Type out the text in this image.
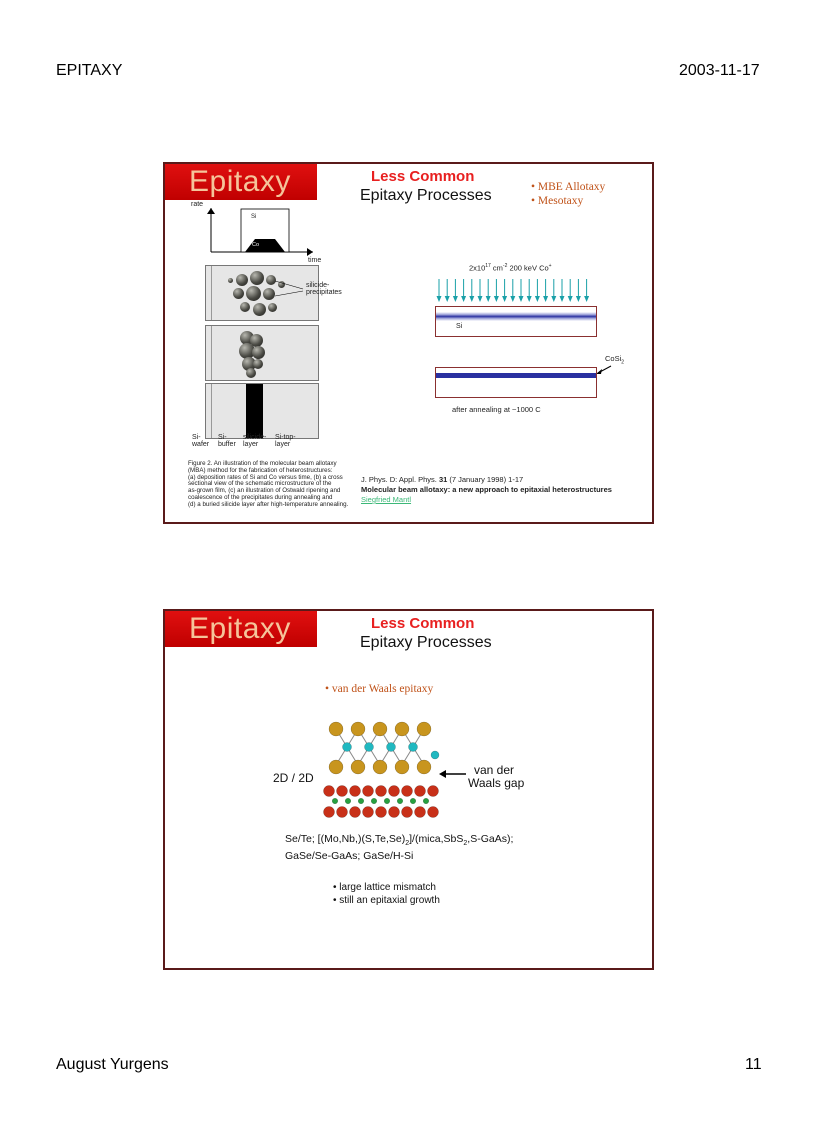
EPITAXY	2003-11-17
August Yurgens	11
Epitaxy	Less Common
Epitaxy Processes	• MBE Allotaxy
• Mesotaxy
rate
Si
Co
time
silicide-
precipitates
Si-
wafer
Si-
buffer
silicide-
layer
Si-top-
layer
Figure 2. An illustration of the molecular beam allotaxy
(MBA) method for the fabrication of heterostructures:
(a) deposition rates of Si and Co versus time, (b) a cross
sectional view of the schematic microstructure of the
as-grown film, (c) an illustration of Ostwald ripening and
coalescence of the precipitates during annealing and
(d) a buried silicide layer after high-temperature annealing.
$2x10^{17}$ $cm^{-2}$ 200 keV Co+
Si
CoSi$_2$
after annealing at ~1000 C
J. Phys. D: Appl. Phys. 31 (7 January 1998) 1-17
Molecular beam allotaxy: a new approach to epitaxial heterostructures
Siegfried Mantl
Epitaxy	Less Common
Epitaxy Processes
• van der Waals epitaxy
2D / 2D
van der
Waals gap
Se/Te; $[(Mo,Nb,)(S,Te,Se)_2]/(mica,SbS_2,S-GaAs)$;
GaSe/Se-GaAs; GaSe/H-Si
• large lattice mismatch
• still an epitaxial growth
